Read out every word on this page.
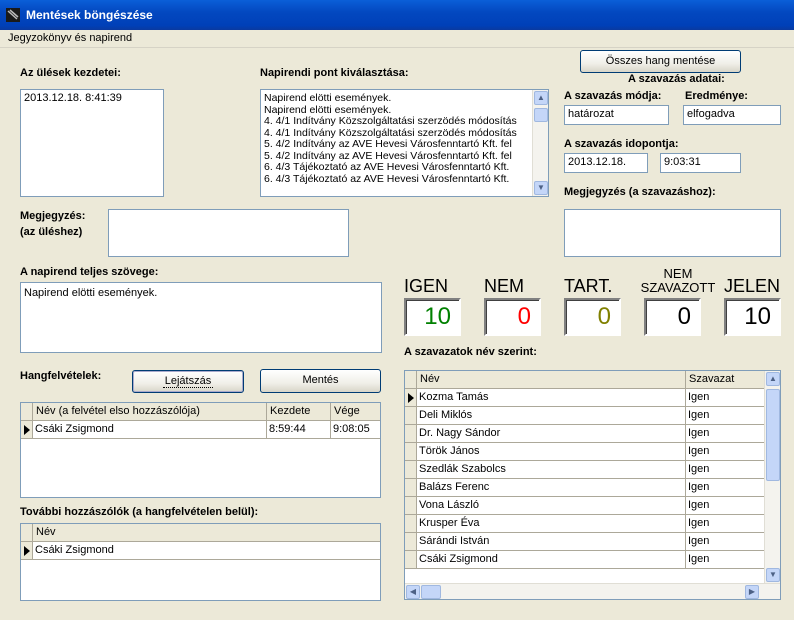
Mentések böngészése
Jegyzokönyv és napirend
Az ülések kezdetei:
2013.12.18. 8:41:39
Napirendi pont kiválasztása:
Napirend elötti események.
Napirend elötti események.
4. 4/1 Indítvány Közszolgáltatási szerzödés módosítás
4. 4/1 Indítvány Közszolgáltatási szerzödés módosítás
5. 4/2 Indítvány az AVE Hevesi Városfenntartó Kft. fel
5. 4/2 Indítvány az AVE Hevesi Városfenntartó Kft. fel
6. 4/3 Tájékoztató az AVE Hevesi Városfenntartó Kft.
6. 4/3 Tájékoztató az AVE Hevesi Városfenntartó Kft.
▲
▼
Összes hang mentése
A szavazás adatai:
A szavazás módja: Eredménye:
határozat	elfogadva
A szavazás idopontja:
2013.12.18.	9:03:31
Megjegyzés (a szavazáshoz):
Megjegyzés:
(az üléshez)
A napirend teljes szövege:
Napirend elötti események.	IGEN
10
NEM
0
TART.
0
NEM
SZAVAZOTT
0
JELEN
10
Hangfelvételek:	Lejátszás	Mentés
Név (a felvétel elso hozzászólója)	Kezdete	Vége
Csáki Zsigmond	8:59:44	9:08:05
További hozzászólók (a hangfelvételen belül):
Név
Csáki Zsigmond
A szavazatok név szerint:
Név	Szavazat
Kozma Tamás	Igen
Deli Miklós	Igen
Dr. Nagy Sándor	Igen
Török János	Igen
Szedlák Szabolcs	Igen
Balázs Ferenc	Igen
Vona László	Igen
Krusper Éva	Igen
Sárándi István	Igen
Csáki Zsigmond	Igen
▲
▼
◀	▶
